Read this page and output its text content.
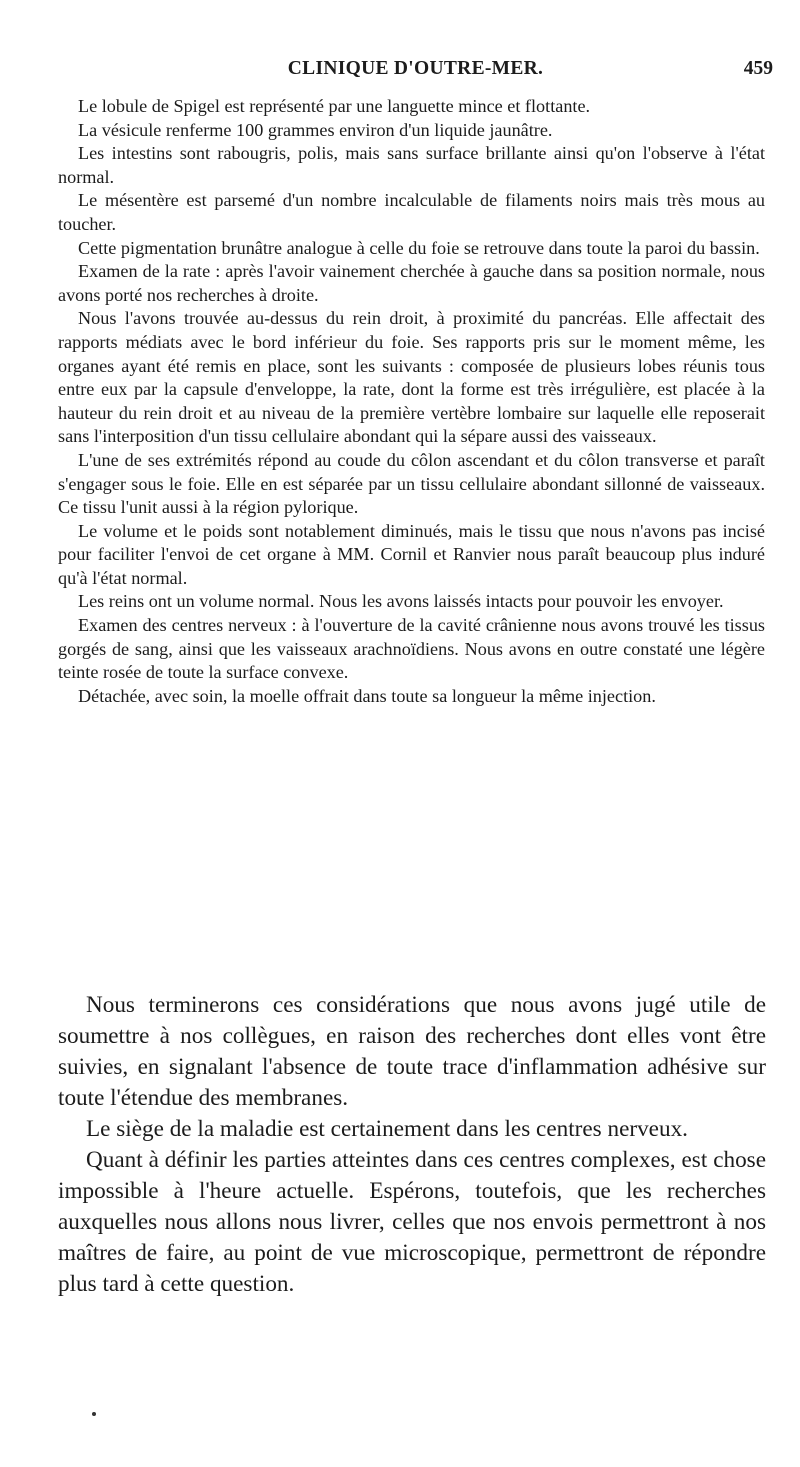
CLINIQUE D'OUTRE-MER.	459

Le lobule de Spigel est représenté par une languette mince et flottante.

La vésicule renferme 100 grammes environ d'un liquide jaunâtre.

Les intestins sont rabougris, polis, mais sans surface brillante ainsi qu'on l'observe à l'état normal.

Le mésentère est parsemé d'un nombre incalculable de filaments noirs mais très mous au toucher.

Cette pigmentation brunâtre analogue à celle du foie se retrouve dans toute la paroi du bassin.

Examen de la rate : après l'avoir vainement cherchée à gauche dans sa position normale, nous avons porté nos recherches à droite.

Nous l'avons trouvée au-dessus du rein droit, à proximité du pancréas. Elle affectait des rapports médiats avec le bord inférieur du foie. Ses rapports pris sur le moment même, les organes ayant été remis en place, sont les suivants : composée de plusieurs lobes réunis tous entre eux par la capsule d'enveloppe, la rate, dont la forme est très irrégulière, est placée à la hauteur du rein droit et au niveau de la première vertèbre lombaire sur laquelle elle reposerait sans l'interposition d'un tissu cellulaire abondant qui la sépare aussi des vaisseaux.

L'une de ses extrémités répond au coude du côlon ascendant et du côlon transverse et paraît s'engager sous le foie. Elle en est séparée par un tissu cellulaire abondant sillonné de vaisseaux. Ce tissu l'unit aussi à la région pylorique.

Le volume et le poids sont notablement diminués, mais le tissu que nous n'avons pas incisé pour faciliter l'envoi de cet organe à MM. Cornil et Ranvier nous paraît beaucoup plus induré qu'à l'état normal.

Les reins ont un volume normal. Nous les avons laissés intacts pour pouvoir les envoyer.

Examen des centres nerveux : à l'ouverture de la cavité crânienne nous avons trouvé les tissus gorgés de sang, ainsi que les vaisseaux arachnoïdiens. Nous avons en outre constaté une légère teinte rosée de toute la surface convexe.

Détachée, avec soin, la moelle offrait dans toute sa longueur la même injection.

Nous terminerons ces considérations que nous avons jugé utile de soumettre à nos collègues, en raison des recherches dont elles vont être suivies, en signalant l'absence de toute trace d'inflammation adhésive sur toute l'étendue des membranes.

Le siège de la maladie est certainement dans les centres nerveux.

Quant à définir les parties atteintes dans ces centres complexes, est chose impossible à l'heure actuelle. Espérons, toutefois, que les recherches auxquelles nous allons nous livrer, celles que nos envois permettront à nos maîtres de faire, au point de vue microscopique, permettront de répondre plus tard à cette question.
